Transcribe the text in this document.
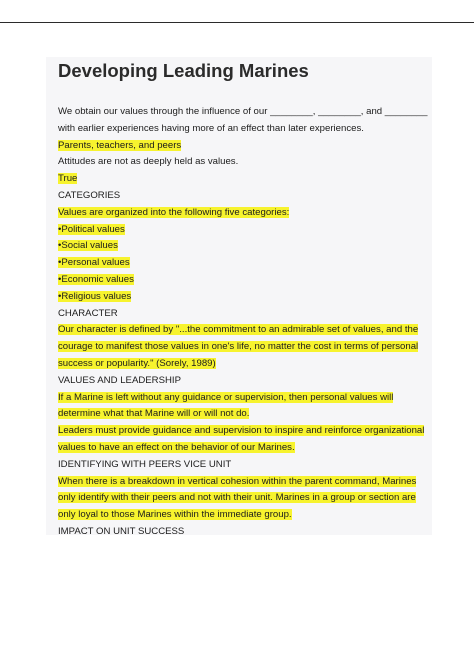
Developing Leading Marines
We obtain our values through the influence of our ________, ________, and ________
with earlier experiences having more of an effect than later experiences.
Parents, teachers, and peers
Attitudes are not as deeply held as values.
True
CATEGORIES
Values are organized into the following five categories:
•Political values
•Social values
•Personal values
•Economic values
•Religious values
CHARACTER
Our character is defined by "...the commitment to an admirable set of values, and the
courage to manifest those values in one's life, no matter the cost in terms of personal
success or popularity." (Sorely, 1989)
VALUES AND LEADERSHIP
If a Marine is left without any guidance or supervision, then personal values will
determine what that Marine will or will not do.
Leaders must provide guidance and supervision to inspire and reinforce organizational
values to have an effect on the behavior of our Marines.
IDENTIFYING WITH PEERS VICE UNIT
When there is a breakdown in vertical cohesion within the parent command, Marines
only identify with their peers and not with their unit. Marines in a group or section are
only loyal to those Marines within the immediate group.
IMPACT ON UNIT SUCCESS
